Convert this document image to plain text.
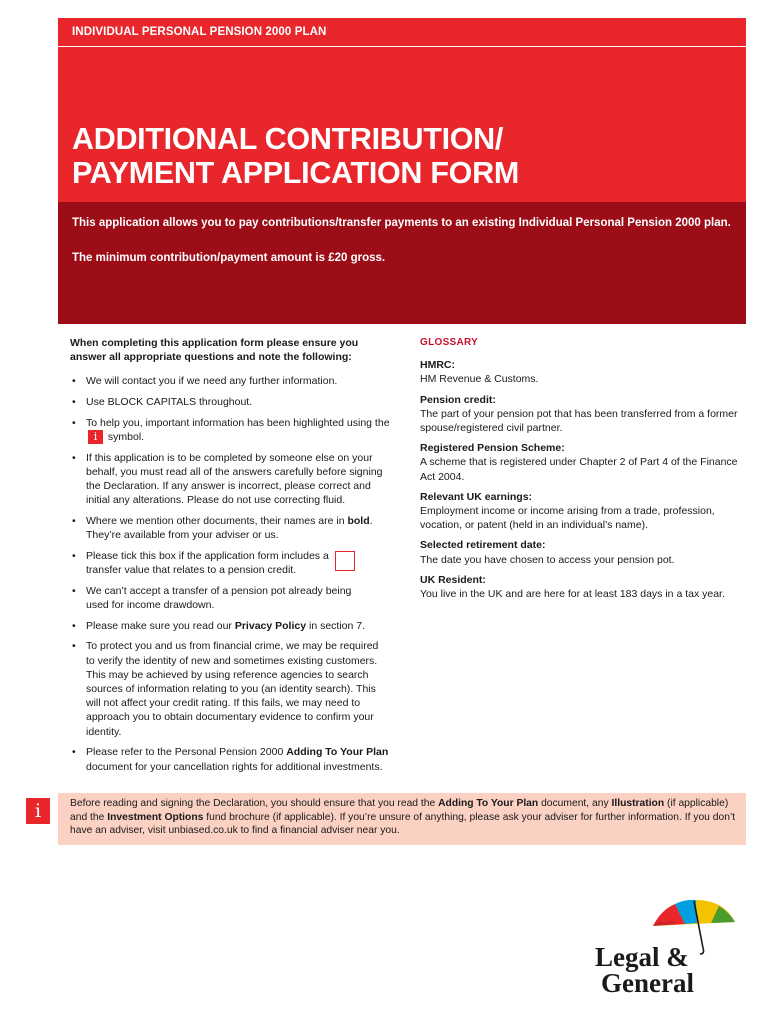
INDIVIDUAL PERSONAL PENSION 2000 PLAN
ADDITIONAL CONTRIBUTION/
PAYMENT APPLICATION FORM
This application allows you to pay contributions/transfer payments to an existing Individual Personal Pension 2000 plan.
The minimum contribution/payment amount is £20 gross.

When completing this application form please ensure you answer all appropriate questions and note the following:

• We will contact you if we need any further information.
• Use BLOCK CAPITALS throughout.
• To help you, important information has been highlighted using the i symbol.
• If this application is to be completed by someone else on your behalf, you must read all of the answers carefully before signing the Declaration. If any answer is incorrect, please correct and initial any alterations. Please do not use correcting fluid.
• Where we mention other documents, their names are in bold. They’re available from your adviser or us.
• Please tick this box if the application form includes a transfer value that relates to a pension credit.
• We can’t accept a transfer of a pension pot already being used for income drawdown.
• Please make sure you read our Privacy Policy in section 7.
• To protect you and us from financial crime, we may be required to verify the identity of new and sometimes existing customers. This may be achieved by using reference agencies to search sources of information relating to you (an identity search). This will not affect your credit rating. If this fails, we may need to approach you to obtain documentary evidence to confirm your identity.
• Please refer to the Personal Pension 2000 Adding To Your Plan document for your cancellation rights for additional investments.

GLOSSARY

HMRC:

HM Revenue & Customs.

Pension credit:

The part of your pension pot that has been transferred from a former spouse/registered civil partner.

Registered Pension Scheme:

A scheme that is registered under Chapter 2 of Part 4 of the Finance Act 2004.

Relevant UK earnings:

Employment income or income arising from a trade, profession, vocation, or patent (held in an individual’s name).

Selected retirement date:

The date you have chosen to access your pension pot.

UK Resident:

You live in the UK and are here for at least 183 days in a tax year.

i	Before reading and signing the Declaration, you should ensure that you read the Adding To Your Plan document, any Illustration (if applicable) and the Investment Options fund brochure (if applicable). If you’re unsure of anything, please ask your adviser for further information. If you don’t have an adviser, visit unbiased.co.uk to find a financial adviser near you.
Legal &
General
